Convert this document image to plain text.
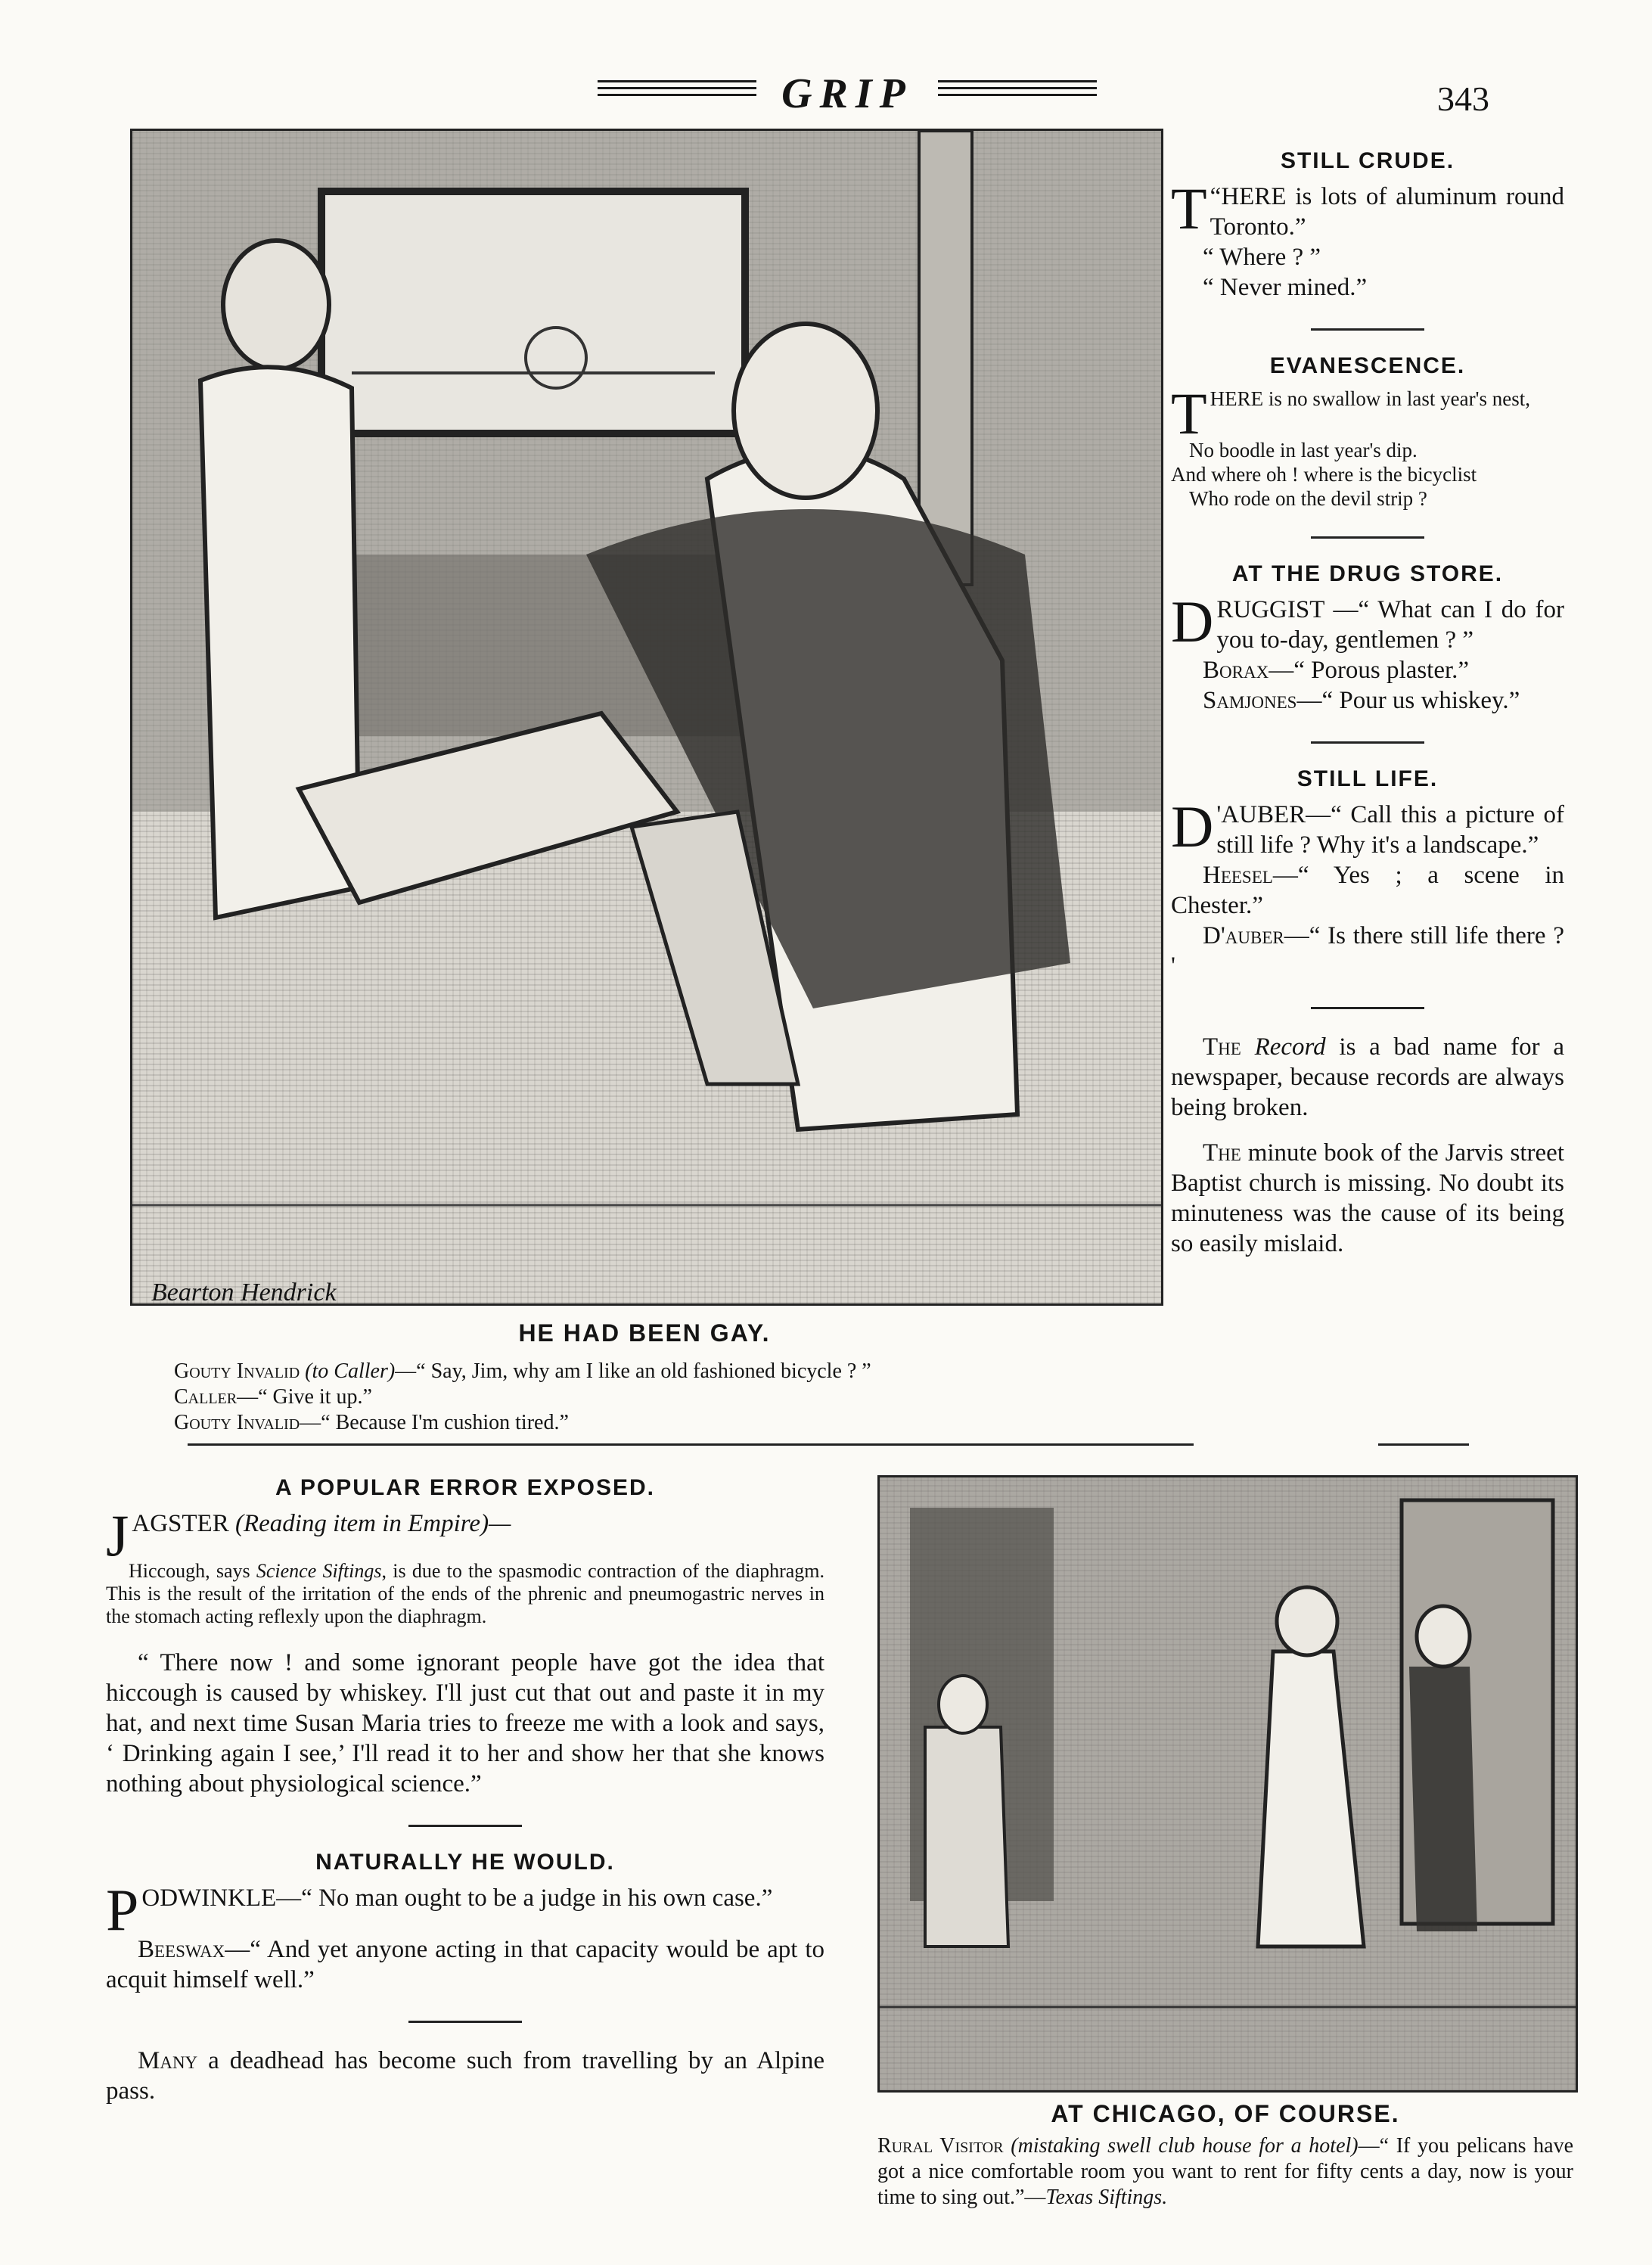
GRIP	343
Bearton Hendrick
HE HAD BEEN GAY.
Gouty Invalid (to Caller)—“ Say, Jim, why am I like an old fashioned bicycle ? ”
Caller—“ Give it up.”
Gouty Invalid—“ Because I'm cushion tired.”
STILL CRUDE.

“
T HERE is lots of aluminum round Toronto.”

“ Where ? ”

“ Never mined.”

EVANESCENCE.

THERE is no swallow in last year's nest,

No boodle in last year's dip.

And where oh ! where is the bicyclist

Who rode on the devil strip ?

AT THE DRUG STORE.

DRUGGIST —“ What can I do for you to-day, gentlemen ? ”

Borax—“ Porous plaster.”

Samjones—“ Pour us whiskey.”

STILL LIFE.

D 'AUBER—“ Call this a picture of still life ? Why it's a landscape.”

Heesel—“ Yes ; a scene in Chester.”

D'auber—“ Is there still life there ? '

The Record is a bad name for a newspaper, because records are always being broken.

The minute book of the Jarvis street Baptist church is missing. No doubt its minuteness was the cause of its being so easily mislaid.

A POPULAR ERROR EXPOSED.

JAGSTER (Reading item in Empire)—

Hiccough, says Science Siftings, is due to the spasmodic contraction of the diaphragm. This is the result of the irritation of the ends of the phrenic and pneumogastric nerves in the stomach acting reflexly upon the diaphragm.

“ There now ! and some ignorant people have got the idea that hiccough is caused by whiskey. I'll just cut that out and paste it in my hat, and next time Susan Maria tries to freeze me with a look and says, ‘ Drinking again I see,’ I'll read it to her and show her that she knows nothing about physiological science.”

NATURALLY HE WOULD.

PODWINKLE—“ No man ought to be a judge in his own case.”

Beeswax—“ And yet anyone acting in that capacity would be apt to acquit himself well.”

Many a deadhead has become such from travelling by an Alpine pass.

AT CHICAGO, OF COURSE.
Rural Visitor (mistaking swell club house for a hotel)—“ If you pelicans have got a nice comfortable room you want to rent for fifty cents a day, now is your time to sing out.”—Texas Siftings.
